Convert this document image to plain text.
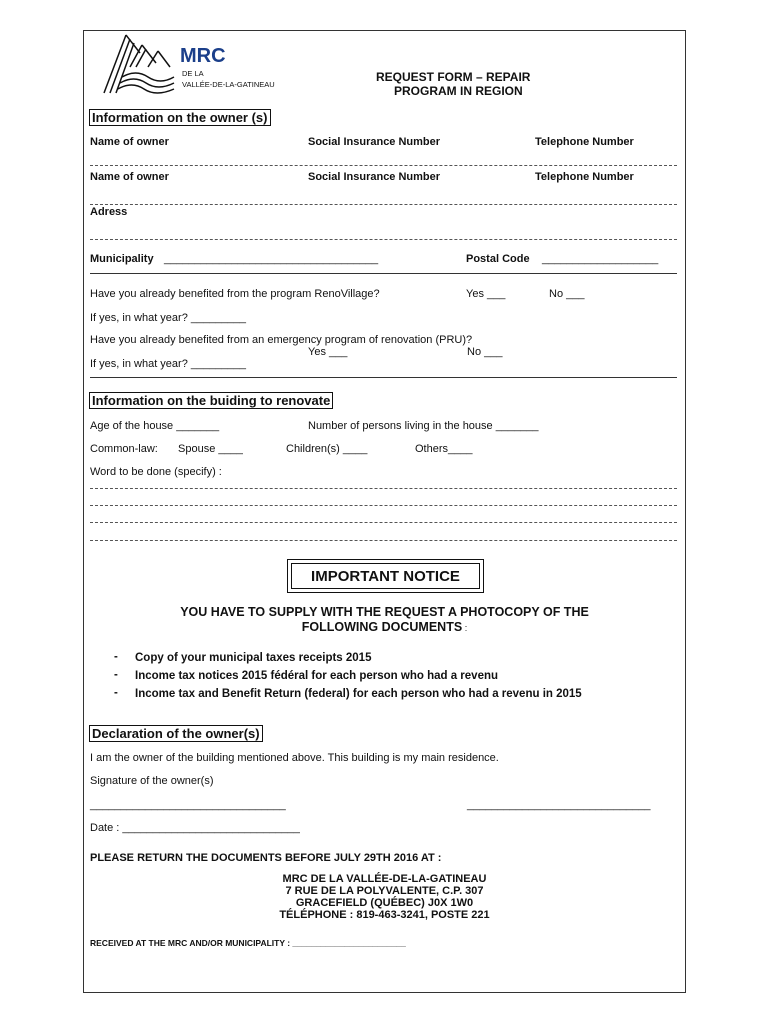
MRC
DE LA
VALLÉE-DE-LA-GATINEAU
REQUEST FORM – REPAIR
PROGRAM IN REGION
Information on the owner (s)
Name of owner	Social Insurance Number	Telephone Number
Name of owner	Social Insurance Number	Telephone Number
Adress
Municipality ___________________________________	Postal Code ___________________
Have you already benefited from the program RenoVillage?	Yes ___	No ___
If yes, in what year? _________
Have you already benefited from an emergency program of renovation (PRU)?
Yes ___	No ___
If yes, in what year? _________
Information on the buiding to renovate
Age of the house _______	Number of persons living in the house _______
Common-law: Spouse ____	Children(s) ____	Others____
Word to be done (specify) :
IMPORTANT NOTICE
YOU HAVE TO SUPPLY WITH THE REQUEST A PHOTOCOPY OF THE
FOLLOWING DOCUMENTS :
- Copy of your municipal taxes receipts 2015
- Income tax notices 2015 fédéral for each person who had a revenu
- Income tax and Benefit Return (federal) for each person who had a revenu in 2015
Declaration of the owner(s)
I am the owner of the building mentioned above. This building is my main residence.
Signature of the owner(s)
________________________________	______________________________
Date : _____________________________
PLEASE RETURN THE DOCUMENTS BEFORE JULY 29TH 2016 AT :
MRC DE LA VALLÉE-DE-LA-GATINEAU
7 RUE DE LA POLYVALENTE, C.P. 307
GRACEFIELD (QUÉBEC) J0X 1W0
TÉLÉPHONE : 819-463-3241, POSTE 221
RECEIVED AT THE MRC AND/OR MUNICIPALITY : ________________________
